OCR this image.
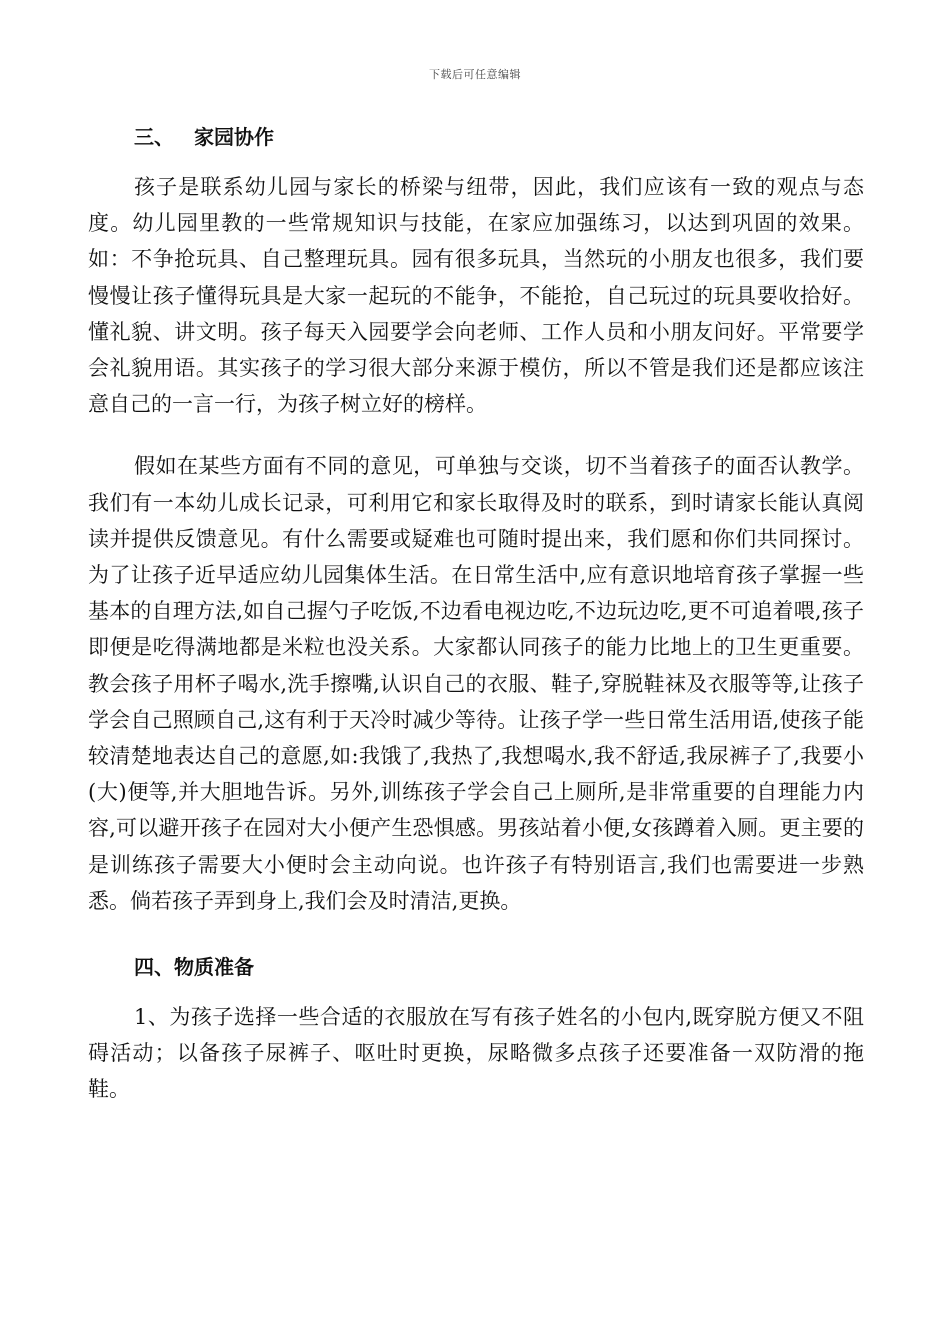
下载后可任意编辑
三、 家园协作

孩子是联系幼儿园与家长的桥梁与纽带，因此，我们应该有一致的观点与态度。幼儿园里教的一些常规知识与技能，在家应加强练习，以达到巩固的效果。如：不争抢玩具、自己整理玩具。园有很多玩具，当然玩的小朋友也很多，我们要慢慢让孩子懂得玩具是大家一起玩的不能争，不能抢，自己玩过的玩具要收拾好。懂礼貌、讲文明。孩子每天入园要学会向老师、工作人员和小朋友问好。平常要学会礼貌用语。其实孩子的学习很大部分来源于模仿，所以不管是我们还是都应该注意自己的一言一行，为孩子树立好的榜样。

假如在某些方面有不同的意见，可单独与交谈，切不当着孩子的面否认教学。我们有一本幼儿成长记录，可利用它和家长取得及时的联系，到时请家长能认真阅读并提供反馈意见。有什么需要或疑难也可随时提出来，我们愿和你们共同探讨。为了让孩子近早适应幼儿园集体生活。在日常生活中,应有意识地培育孩子掌握一些基本的自理方法,如自己握勺子吃饭,不边看电视边吃,不边玩边吃,更不可追着喂,孩子即便是吃得满地都是米粒也没关系。大家都认同孩子的能力比地上的卫生更重要。教会孩子用杯子喝水,洗手擦嘴,认识自己的衣服、鞋子,穿脱鞋袜及衣服等等,让孩子学会自己照顾自己,这有利于天冷时减少等待。让孩子学一些日常生活用语,使孩子能较清楚地表达自己的意愿,如:我饿了,我热了,我想喝水,我不舒适,我尿裤子了,我要小(大)便等,并大胆地告诉。另外,训练孩子学会自己上厕所,是非常重要的自理能力内容,可以避开孩子在园对大小便产生恐惧感。男孩站着小便,女孩蹲着入厕。更主要的是训练孩子需要大小便时会主动向说。也许孩子有特别语言,我们也需要进一步熟悉。倘若孩子弄到身上,我们会及时清洁,更换。

四、物质准备

1、为孩子选择一些合适的衣服放在写有孩子姓名的小包内,既穿脱方便又不阻碍活动；以备孩子尿裤子、呕吐时更换，尿略微多点孩子还要准备一双防滑的拖鞋。
